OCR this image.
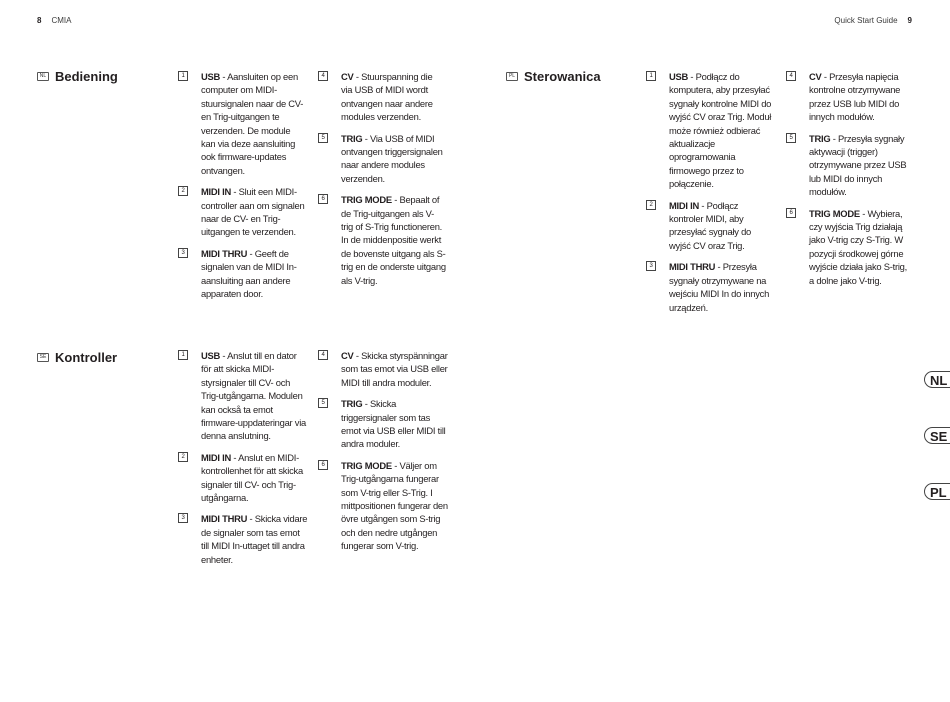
8 CMIA	Quick Start Guide 9
NL Bediening	1	USB - Aansluiten op een computer om MIDI-stuursignalen naar de CV- en Trig-uitgangen te verzenden. De module kan via deze aansluiting ook firmware-updates ontvangen.
2	MIDI IN - Sluit een MIDI-controller aan om signalen naar de CV- en Trig-uitgangen te verzenden.
3	MIDI THRU - Geeft de signalen van de MIDI In-aansluiting aan andere apparaten door.
4	CV - Stuurspanning die via USB of MIDI wordt ontvangen naar andere modules verzenden.
5	TRIG - Via USB of MIDI ontvangen triggersignalen naar andere modules verzenden.
6	TRIG MODE - Bepaalt of de Trig-uitgangen als V-trig of S-Trig functioneren. In de middenpositie werkt de bovenste uitgang als S-trig en de onderste uitgang als V-trig.
PL Sterowanica	1	USB - Podłącz do komputera, aby przesyłać sygnały kontrolne MIDI do wyjść CV oraz Trig. Moduł może również odbierać aktualizacje oprogramowania firmowego przez to połączenie.
2	MIDI IN - Podłącz kontroler MIDI, aby przesyłać sygnały do wyjść CV oraz Trig.
3	MIDI THRU - Przesyła sygnały otrzymywane na wejściu MIDI In do innych urządzeń.
4	CV - Przesyła napięcia kontrolne otrzymywane przez USB lub MIDI do innych modułów.
5	TRIG - Przesyła sygnały aktywacji (trigger) otrzymywane przez USB lub MIDI do innych modułów.
6	TRIG MODE - Wybiera, czy wyjścia Trig działają jako V-trig czy S-Trig. W pozycji środkowej górne wyjście działa jako S-trig, a dolne jako V-trig.
SE Kontroller	1	USB - Anslut till en dator för att skicka MIDI-styrsignaler till CV- och Trig-utgångarna. Modulen kan också ta emot firmware-uppdateringar via denna anslutning.
2	MIDI IN - Anslut en MIDI-kontrollenhet för att skicka signaler till CV- och Trig-utgångarna.
3	MIDI THRU - Skicka vidare de signaler som tas emot till MIDI In-uttaget till andra enheter.
4	CV - Skicka styrspänningar som tas emot via USB eller MIDI till andra moduler.
5	TRIG - Skicka triggersignaler som tas emot via USB eller MIDI till andra moduler.
6	TRIG MODE - Väljer om Trig-utgångarna fungerar som V-trig eller S-Trig. I mittpositionen fungerar den övre utgången som S-trig och den nedre utgången fungerar som V-trig.
NL
SE
PL
